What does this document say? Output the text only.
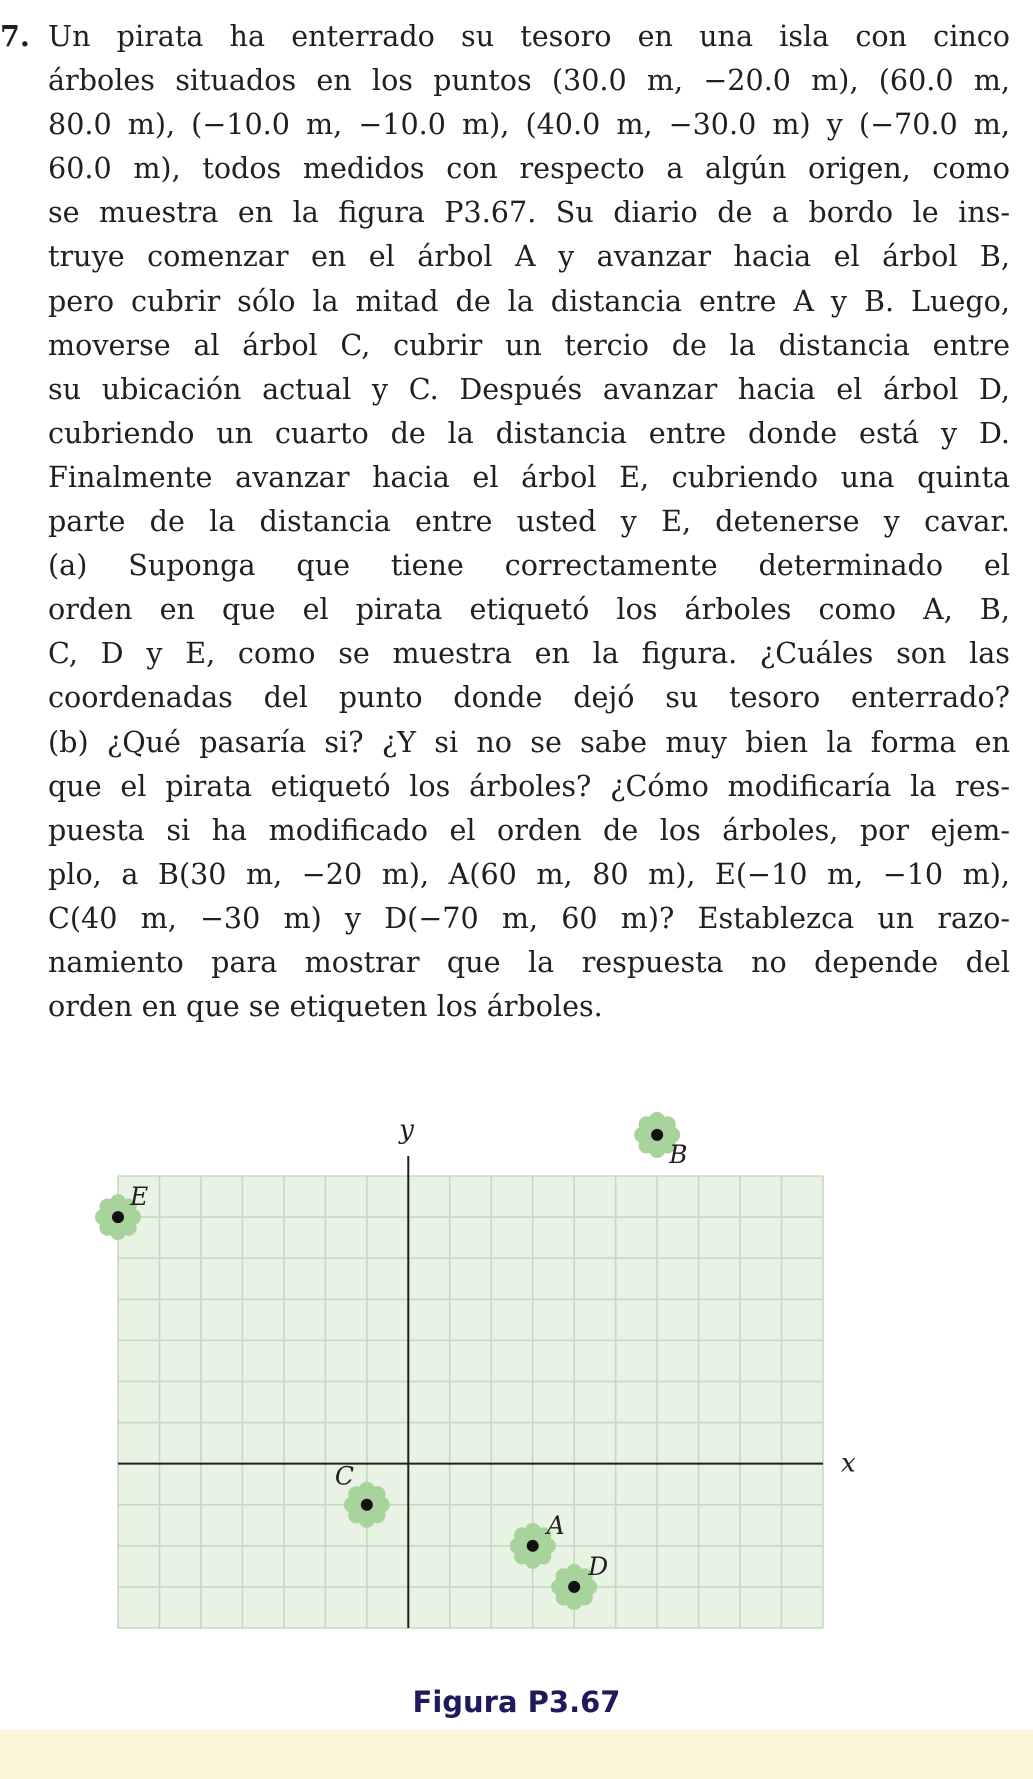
7. Un pirata ha enterrado su tesoro en una isla con cinco
árboles situados en los puntos (30.0 m, −20.0 m), (60.0 m,
80.0 m), (−10.0 m, −10.0 m), (40.0 m, −30.0 m) y (−70.0 m,
60.0 m), todos medidos con respecto a algún origen, como
se muestra en la figura P3.67. Su diario de a bordo le ins-
truye comenzar en el árbol A y avanzar hacia el árbol B,
pero cubrir sólo la mitad de la distancia entre A y B. Luego,
moverse al árbol C, cubrir un tercio de la distancia entre
su ubicación actual y C. Después avanzar hacia el árbol D,
cubriendo un cuarto de la distancia entre donde está y D.
Finalmente avanzar hacia el árbol E, cubriendo una quinta
parte de la distancia entre usted y E, detenerse y cavar.
(a) Suponga que tiene correctamente determinado el
orden en que el pirata etiquetó los árboles como A, B,
C, D y E, como se muestra en la figura. ¿Cuáles son las
coordenadas del punto donde dejó su tesoro enterrado?
(b) ¿Qué pasaría si? ¿Y si no se sabe muy bien la forma en
que el pirata etiquetó los árboles? ¿Cómo modificaría la res-
puesta si ha modificado el orden de los árboles, por ejem-
plo, a B(30 m, −20 m), A(60 m, 80 m), E(−10 m, −10 m),
C(40 m, −30 m) y D(−70 m, 60 m)? Establezca un razo-
namiento para mostrar que la respuesta no depende del
orden en que se etiqueten los árboles.
x
y
A
B
C
D
E
Figura P3.67
